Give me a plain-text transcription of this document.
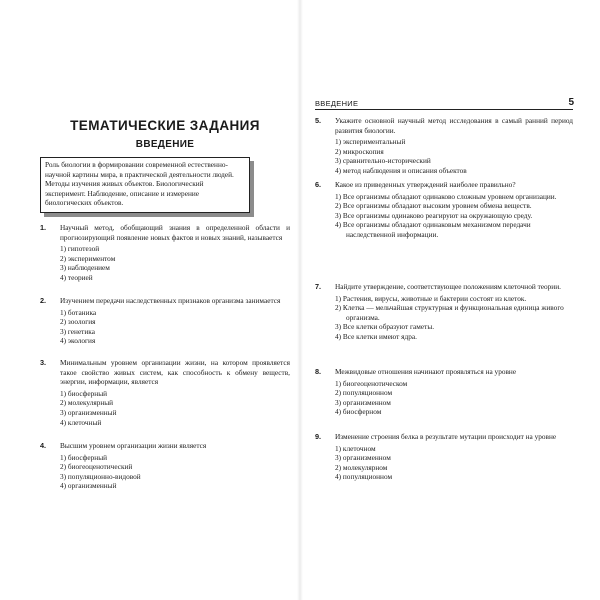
ТЕМАТИЧЕСКИЕ ЗАДАНИЯ
ВВЕДЕНИЕ
Роль биологии в формировании современной естественно-научной картины мира, в практической деятельности людей. Методы изучения живых объектов. Биологический эксперимент. Наблюдение, описание и измерение биологических объектов.
1. Научный метод, обобщающий знания в определенной области и прогнозирующий появление новых фактов и новых знаний, называется
1) гипотезой
2) экспериментом
3) наблюдением
4) теорией
2. Изучением передачи наследственных признаков организма занимается
1) ботаника
2) зоология
3) генетика
4) экология
3. Минимальным уровнем организации жизни, на котором проявляется такое свойство живых систем, как способность к обмену веществ, энергии, информации, является
1) биосферный
2) молекулярный
3) организменный
4) клеточный
4. Высшим уровнем организации жизни является
1) биосферный
2) биогеоценотический
3) популяционно-видовой
4) организменный
ВВЕДЕНИЕ	5
5. Укажите основной научный метод исследования в самый ранний период развития биологии.
1) экспериментальный
2) микроскопия
3) сравнительно-исторический
4) метод наблюдения и описания объектов
6. Какое из приведенных утверждений наиболее правильно?
1) Все организмы обладают одинаково сложным уровнем организации.
2) Все организмы обладают высоким уровнем обмена веществ.
3) Все организмы одинаково реагируют на окружающую среду.
4) Все организмы обладают одинаковым механизмом передачи наследственной информации.
7. Найдите утверждение, соответствующее положениям клеточной теории.
1) Растения, вирусы, животные и бактерии состоят из клеток.
2) Клетка — мельчайшая структурная и функциональная единица живого организма.
3) Все клетки образуют гаметы.
4) Все клетки имеют ядра.
8. Межвидовые отношения начинают проявляться на уровне
1) биогеоценотическом
2) популяционном
3) организменном
4) биосферном
9. Изменение строения белка в результате мутации происходит на уровне
1) клеточном
3) организменном
2) молекулярном
4) популяционном
